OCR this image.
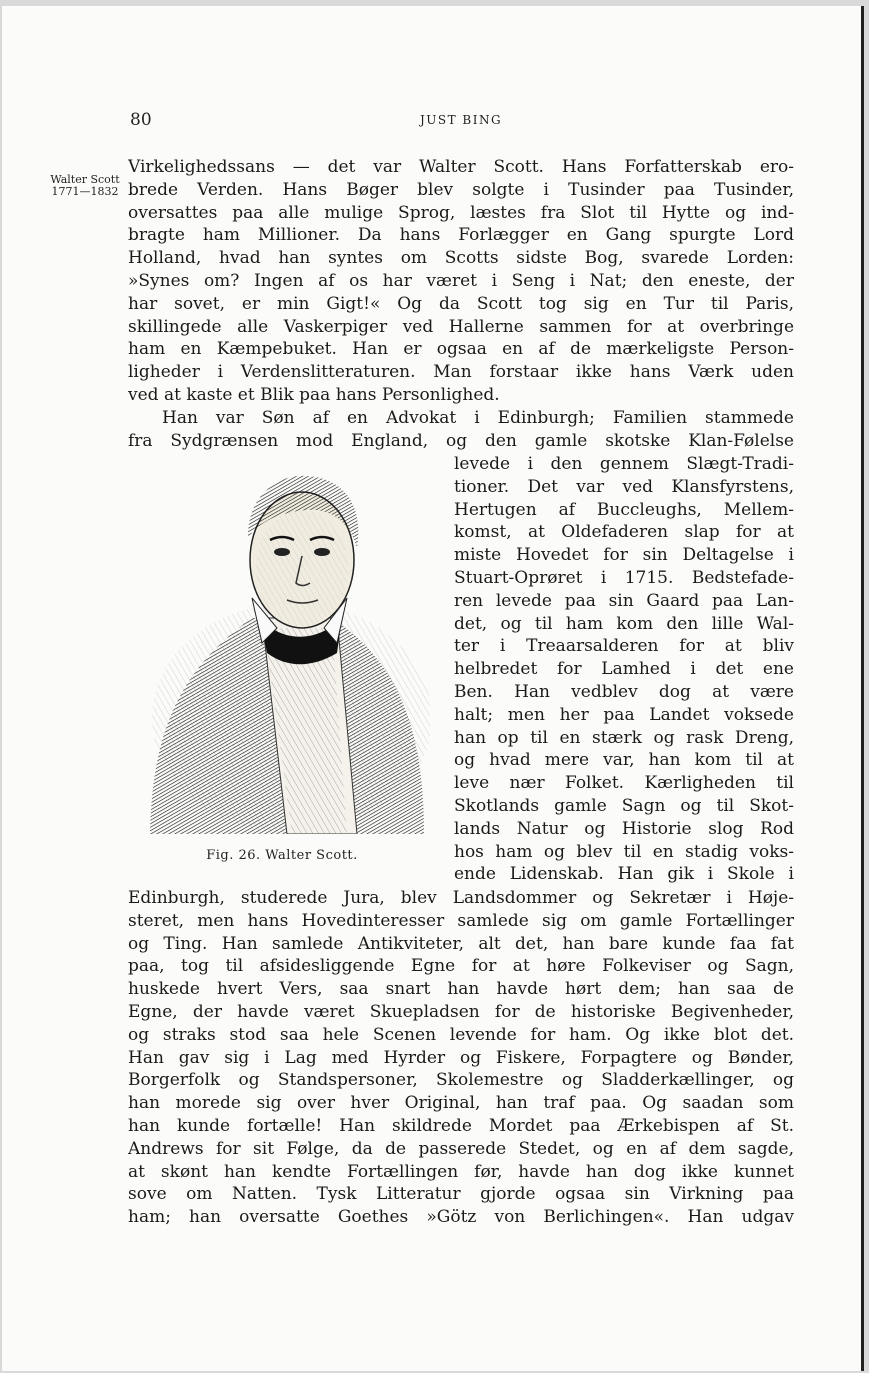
80	JUST BING
Walter Scott
1771—1832
Virkelighedssans — det var Walter Scott. Hans Forfatterskab ero-
brede Verden. Hans Bøger blev solgte i Tusinder paa Tusinder,
oversattes paa alle mulige Sprog, læstes fra Slot til Hytte og ind-
bragte ham Millioner. Da hans Forlægger en Gang spurgte Lord
Holland, hvad han syntes om Scotts sidste Bog, svarede Lorden:
»Synes om? Ingen af os har været i Seng i Nat; den eneste, der
har sovet, er min Gigt!« Og da Scott tog sig en Tur til Paris,
skillingede alle Vaskerpiger ved Hallerne sammen for at overbringe
ham en Kæmpebuket. Han er ogsaa en af de mærkeligste Person-
ligheder i Verdenslitteraturen. Man forstaar ikke hans Værk uden
ved at kaste et Blik paa hans Personlighed.
Han var Søn af en Advokat i Edinburgh; Familien stammede
fra Sydgrænsen mod England, og den gamle skotske Klan-Følelse
Fig. 26. Walter Scott.
levede i den gennem Slægt-Tradi-
tioner. Det var ved Klansfyrstens,
Hertugen af Buccleughs, Mellem-
komst, at Oldefaderen slap for at
miste Hovedet for sin Deltagelse i
Stuart-Oprøret i 1715. Bedstefade-
ren levede paa sin Gaard paa Lan-
det, og til ham kom den lille Wal-
ter i Treaarsalderen for at bliv
helbredet for Lamhed i det ene
Ben. Han vedblev dog at være
halt; men her paa Landet voksede
han op til en stærk og rask Dreng,
og hvad mere var, han kom til at
leve nær Folket. Kærligheden til
Skotlands gamle Sagn og til Skot-
lands Natur og Historie slog Rod
hos ham og blev til en stadig voks-
ende Lidenskab. Han gik i Skole i
Edinburgh, studerede Jura, blev Landsdommer og Sekretær i Høje-
steret, men hans Hovedinteresser samlede sig om gamle Fortællinger
og Ting. Han samlede Antikviteter, alt det, han bare kunde faa fat
paa, tog til afsidesliggende Egne for at høre Folkeviser og Sagn,
huskede hvert Vers, saa snart han havde hørt dem; han saa de
Egne, der havde været Skuepladsen for de historiske Begivenheder,
og straks stod saa hele Scenen levende for ham. Og ikke blot det.
Han gav sig i Lag med Hyrder og Fiskere, Forpagtere og Bønder,
Borgerfolk og Standspersoner, Skolemestre og Sladderkællinger, og
han morede sig over hver Original, han traf paa. Og saadan som
han kunde fortælle! Han skildrede Mordet paa Ærkebispen af St.
Andrews for sit Følge, da de passerede Stedet, og en af dem sagde,
at skønt han kendte Fortællingen før, havde han dog ikke kunnet
sove om Natten. Tysk Litteratur gjorde ogsaa sin Virkning paa
ham; han oversatte Goethes »Götz von Berlichingen«. Han udgav
